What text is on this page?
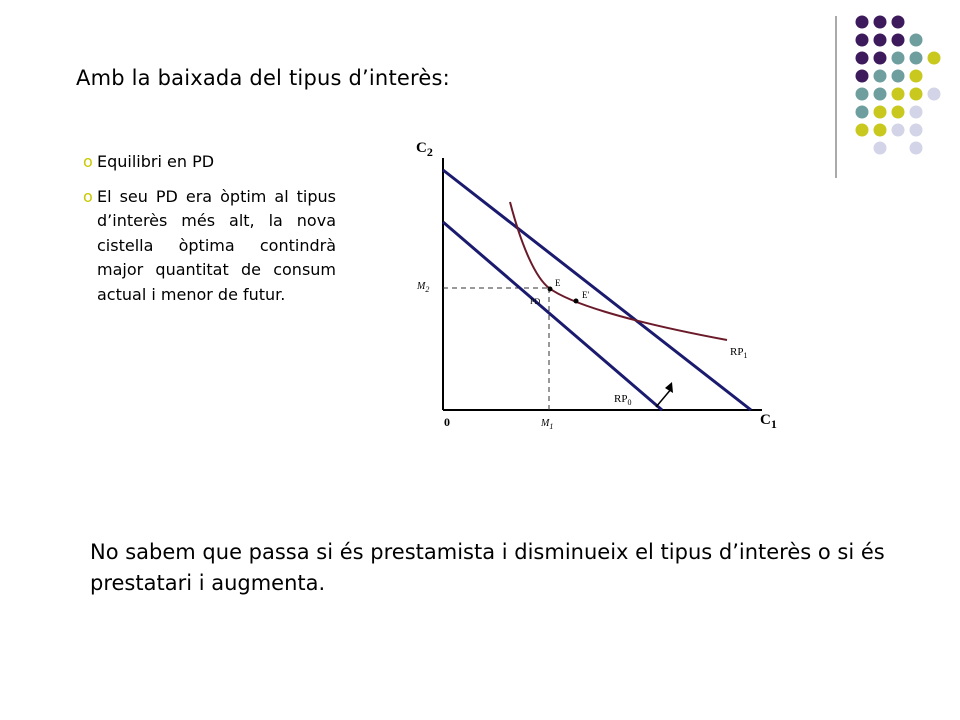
Amb la baixada del tipus d’interès:
o Equilibri en PD
o El seu PD era òptim al tipus d’interès més alt, la nova cistella òptima contindrà major quantitat de consum actual i menor de futur.
$C_2$
$C_1$
0
$M_2$
$M_1$
E
E'
PD
$RP_1$
$RP_0$
No sabem que passa si és prestamista i disminueix el tipus d’interès o si és prestatari i augmenta.
